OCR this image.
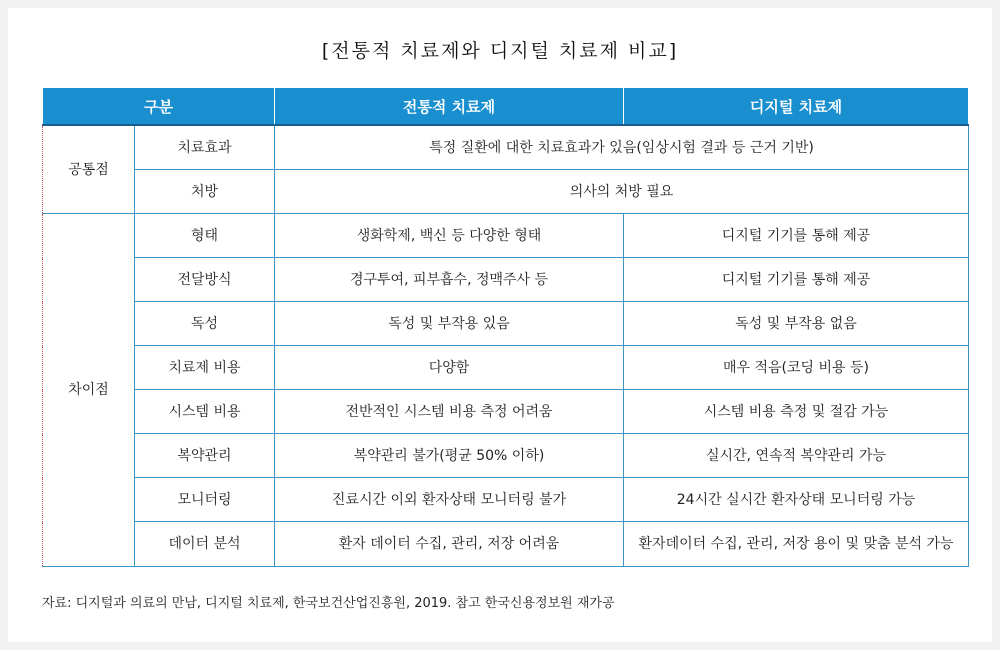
[전통적 치료제와 디지털 치료제 비교]
구분		전통적 치료제	디지털 치료제
공통점	치료효과	특정 질환에 대한 치료효과가 있음(임상시험 결과 등 근거 기반)	
	처방	의사의 처방 필요	
차이점	형태	생화학제, 백신 등 다양한 형태	디지털 기기를 통해 제공
	전달방식	경구투여, 피부흡수, 정맥주사 등	디지털 기기를 통해 제공
	독성	독성 및 부작용 있음	독성 및 부작용 없음
	치료제 비용	다양함	매우 적음(코딩 비용 등)
	시스템 비용	전반적인 시스템 비용 측정 어려움	시스템 비용 측정 및 절감 가능
	복약관리	복약관리 불가(평균 50% 이하)	실시간, 연속적 복약관리 가능
	모니터링	진료시간 이외 환자상태 모니터링 불가	24시간 실시간 환자상태 모니터링 가능
	데이터 분석	환자 데이터 수집, 관리, 저장 어려움	환자데이터 수집, 관리, 저장 용이 및 맞춤 분석 가능
자료: 디지털과 의료의 만남, 디지털 치료제, 한국보건산업진흥원, 2019. 참고 한국신용정보원 재가공
